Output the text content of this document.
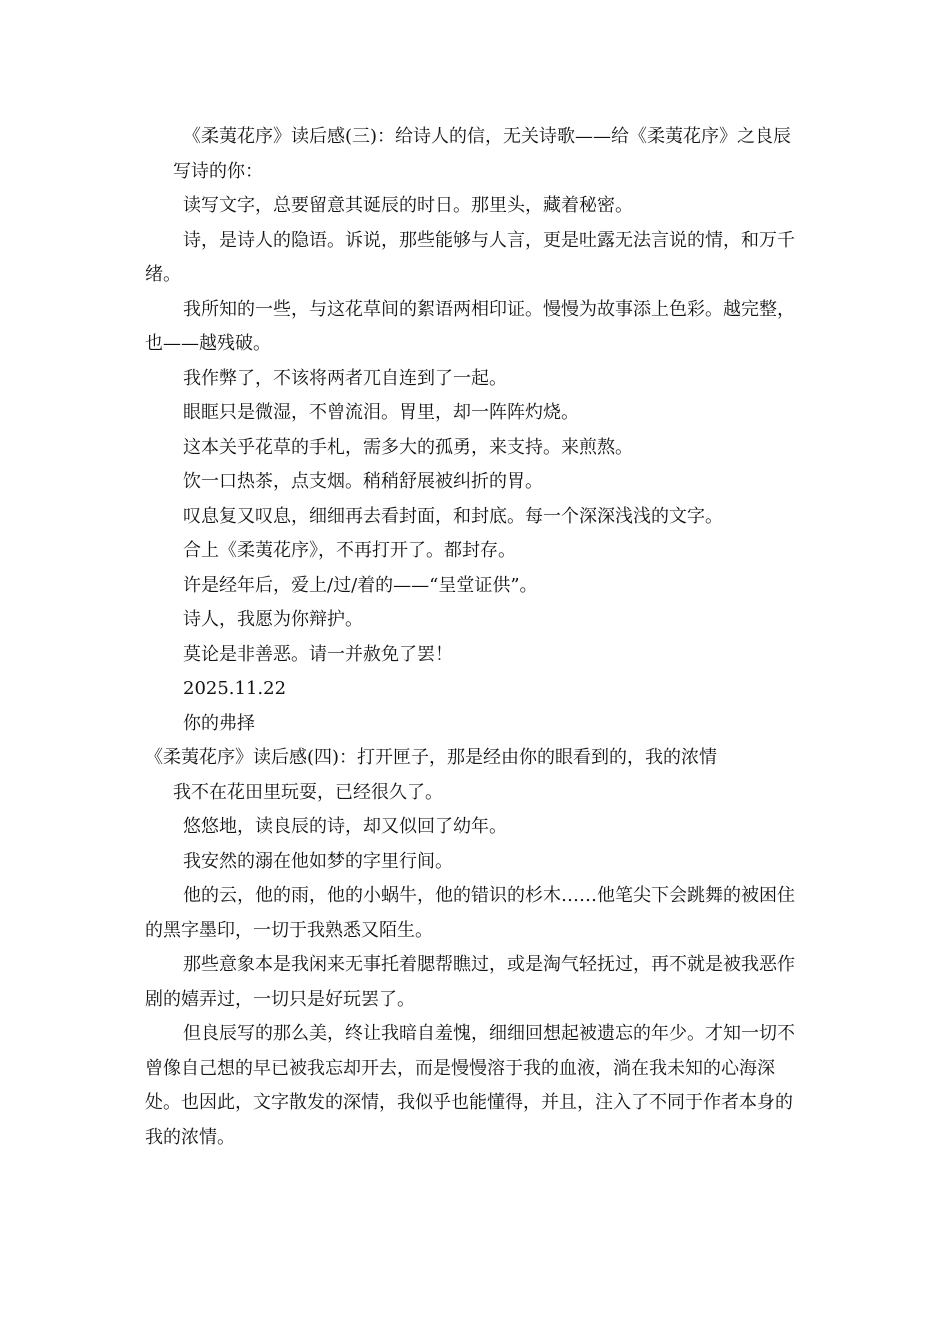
《柔荑花序》读后感(三)：给诗人的信，无关诗歌——给《柔荑花序》之良辰

写诗的你：

读写文字，总要留意其诞辰的时日。那里头，藏着秘密。

诗，是诗人的隐语。诉说，那些能够与人言，更是吐露无法言说的情，和万千绪。

我所知的一些，与这花草间的絮语两相印证。慢慢为故事添上色彩。越完整，也——越残破。

我作弊了，不该将两者兀自连到了一起。

眼眶只是微湿，不曾流泪。胃里，却一阵阵灼烧。

这本关乎花草的手札，需多大的孤勇，来支持。来煎熬。

饮一口热茶，点支烟。稍稍舒展被纠折的胃。

叹息复又叹息，细细再去看封面，和封底。每一个深深浅浅的文字。

合上《柔荑花序》，不再打开了。都封存。

许是经年后，爱上/过/着的——“呈堂证供”。

诗人，我愿为你辩护。

莫论是非善恶。请一并赦免了罢！

2025.11.22

你的弗择

《柔荑花序》读后感(四)：打开匣子，那是经由你的眼看到的，我的浓情

我不在花田里玩耍，已经很久了。

悠悠地，读良辰的诗，却又似回了幼年。

我安然的溺在他如梦的字里行间。

他的云，他的雨，他的小蜗牛，他的错识的杉木……他笔尖下会跳舞的被困住的黑字墨印，一切于我熟悉又陌生。

那些意象本是我闲来无事托着腮帮瞧过，或是淘气轻抚过，再不就是被我恶作剧的嬉弄过，一切只是好玩罢了。

但良辰写的那么美，终让我暗自羞愧，细细回想起被遗忘的年少。才知一切不曾像自己想的早已被我忘却开去，而是慢慢溶于我的血液，淌在我未知的心海深处。也因此，文字散发的深情，我似乎也能懂得，并且，注入了不同于作者本身的我的浓情。
